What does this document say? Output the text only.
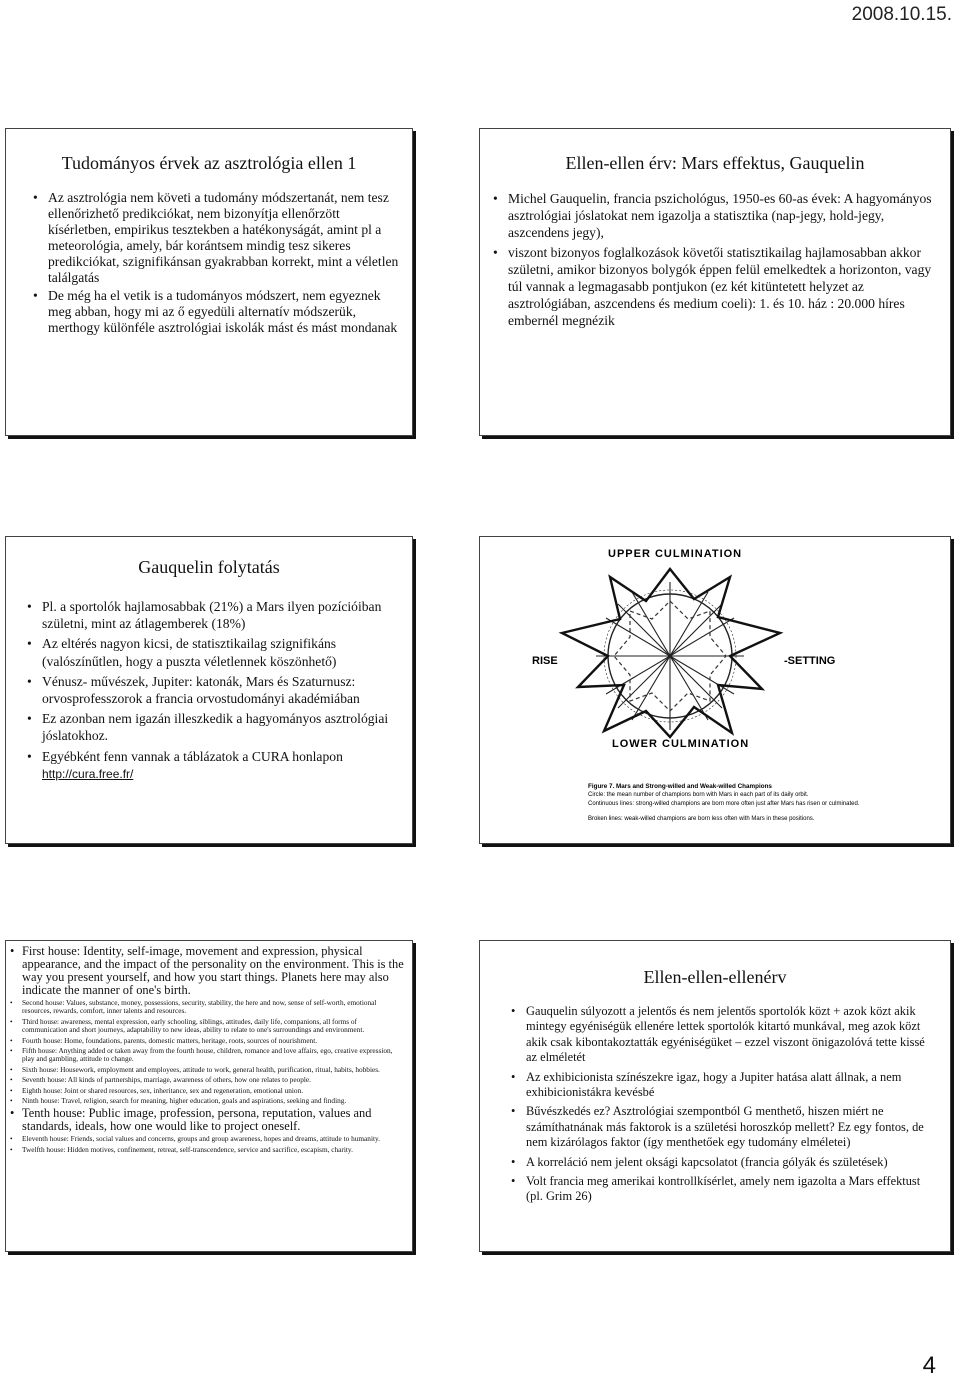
2008.10.15.

Tudományos érvek az asztrológia ellen 1

• Az asztrológia nem követi a tudomány módszertanát, nem tesz ellenőrizhető predikciókat, nem bizonyítja ellenőrzött kísérletben, empirikus tesztekben a hatékonyságát, amint pl a meteorológia, amely, bár korántsem mindig tesz sikeres predikciókat, szignifikánsan gyakrabban korrekt, mint a véletlen találgatás
• De még ha el vetik is a tudományos módszert, nem egyeznek meg abban, hogy mi az ő egyedüli alternatív módszerük, merthogy különféle asztrológiai iskolák mást és mást mondanak

Ellen-ellen érv: Mars effektus, Gauquelin

• Michel Gauquelin, francia pszichológus, 1950-es 60-as évek: A hagyományos asztrológiai jóslatokat nem igazolja a statisztika (nap-jegy, hold-jegy, aszcendens jegy),
• viszont bizonyos foglalkozások követői statisztikailag hajlamosabban akkor születni, amikor bizonyos bolygók éppen felül emelkedtek a horizonton, vagy túl vannak a legmagasabb pontjukon (ez két kitüntetett helyzet az asztrológiában, aszcendens és medium coeli): 1. és 10. ház : 20.000 híres embernél megnézik

Gauquelin folytatás

• Pl. a sportolók hajlamosabbak (21%) a Mars ilyen pozícióiban születni, mint az átlagemberek (18%)
• Az eltérés nagyon kicsi, de statisztikailag szignifikáns (valószínűtlen, hogy a puszta véletlennek köszönhető)
• Vénusz- művészek, Jupiter: katonák, Mars és Szaturnusz: orvosprofesszorok a francia orvostudományi akadémiában
• Ez azonban nem igazán illeszkedik a hagyományos asztrológiai jóslatokhoz.
• Egyébként fenn vannak a táblázatok a CURA honlapon http://cura.free.fr/
UPPER CULMINATION
LOWER CULMINATION
RISE	-SETTING
Figure 7. Mars and Strong-willed and Weak-willed Champions
Circle: the mean number of champions born with Mars in each part of its daily orbit.
Continuous lines: strong-willed champions are born more often just after Mars has risen or culminated.
Broken lines: weak-willed champions are born less often with Mars in these positions.
• First house: Identity, self-image, movement and expression, physical appearance, and the impact of the personality on the environment. This is the way you present yourself, and how you start things. Planets here may also indicate the manner of one's birth.
• Second house: Values, substance, money, possessions, security, stability, the here and now, sense of self-worth, emotional resources, rewards, comfort, inner talents and resources.
• Third house: awareness, mental expression, early schooling, siblings, attitudes, daily life, companions, all forms of communication and short journeys, adaptability to new ideas, ability to relate to one's surroundings and environment.
• Fourth house: Home, foundations, parents, domestic matters, heritage, roots, sources of nourishment.
• Fifth house: Anything added or taken away from the fourth house, children, romance and love affairs, ego, creative expression, play and gambling, attitude to change.
• Sixth house: Housework, employment and employees, attitude to work, general health, purification, ritual, habits, hobbies.
• Seventh house: All kinds of partnerships, marriage, awareness of others, how one relates to people.
• Eighth house: Joint or shared resources, sex, inheritance, sex and regeneration, emotional union.
• Ninth house: Travel, religion, search for meaning, higher education, goals and aspirations, seeking and finding.
• Tenth house: Public image, profession, persona, reputation, values and standards, ideals, how one would like to project oneself.
• Eleventh house: Friends, social values and concerns, groups and group awareness, hopes and dreams, attitude to humanity.
• Twelfth house: Hidden motives, confinement, retreat, self-transcendence, service and sacrifice, escapism, charity.

Ellen-ellen-ellenérv

• Gauquelin súlyozott a jelentős és nem jelentős sportolók közt + azok közt akik mintegy egyéniségük ellenére lettek sportolók kitartó munkával, meg azok közt akik csak kibontakoztatták egyéniségüket – ezzel viszont önigazolóvá tette kissé az elméletét
• Az exhibicionista színészekre igaz, hogy a Jupiter hatása alatt állnak, a nem exhibicionistákra kevésbé
• Bűvészkedés ez? Asztrológiai szempontból G menthető, hiszen miért ne számíthatnának más faktorok is a születési horoszkóp mellett? Ez egy fontos, de nem kizárólagos faktor (így menthetőek egy tudomány elméletei)
• A korreláció nem jelent oksági kapcsolatot (francia gólyák és születések)
• Volt francia meg amerikai kontrollkísérlet, amely nem igazolta a Mars effektust (pl. Grim 26)
4
